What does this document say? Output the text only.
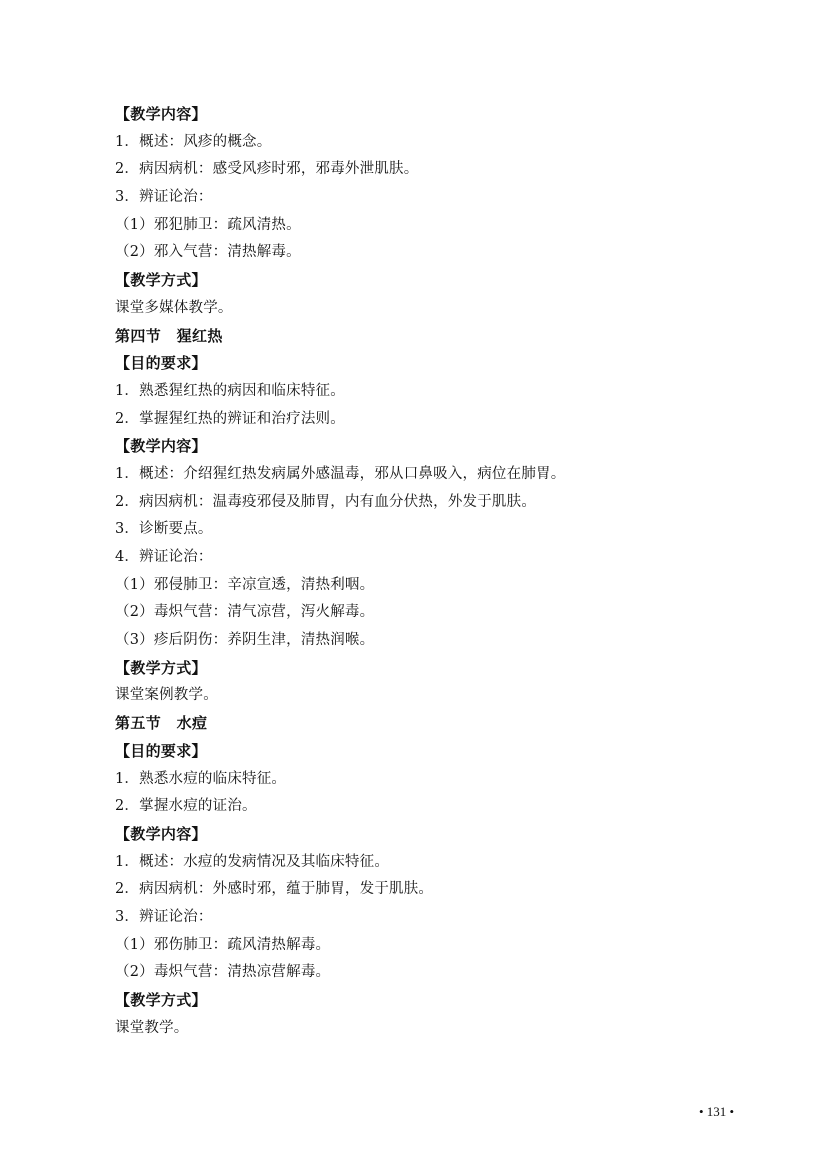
【教学内容】
1．概述：风疹的概念。
2．病因病机：感受风疹时邪，邪毒外泄肌肤。
3．辨证论治：
（1）邪犯肺卫：疏风清热。
（2）邪入气营：清热解毒。
【教学方式】
课堂多媒体教学。
第四节　猩红热
【目的要求】
1．熟悉猩红热的病因和临床特征。
2．掌握猩红热的辨证和治疗法则。
【教学内容】
1．概述：介绍猩红热发病属外感温毒，邪从口鼻吸入，病位在肺胃。
2．病因病机：温毒疫邪侵及肺胃，内有血分伏热，外发于肌肤。
3．诊断要点。
4．辨证论治：
（1）邪侵肺卫：辛凉宣透，清热利咽。
（2）毒炽气营：清气凉营，泻火解毒。
（3）疹后阴伤：养阴生津，清热润喉。
【教学方式】
课堂案例教学。
第五节　水痘
【目的要求】
1．熟悉水痘的临床特征。
2．掌握水痘的证治。
【教学内容】
1．概述：水痘的发病情况及其临床特征。
2．病因病机：外感时邪，蕴于肺胃，发于肌肤。
3．辨证论治：
（1）邪伤肺卫：疏风清热解毒。
（2）毒炽气营：清热凉营解毒。
【教学方式】
课堂教学。
• 131 •
